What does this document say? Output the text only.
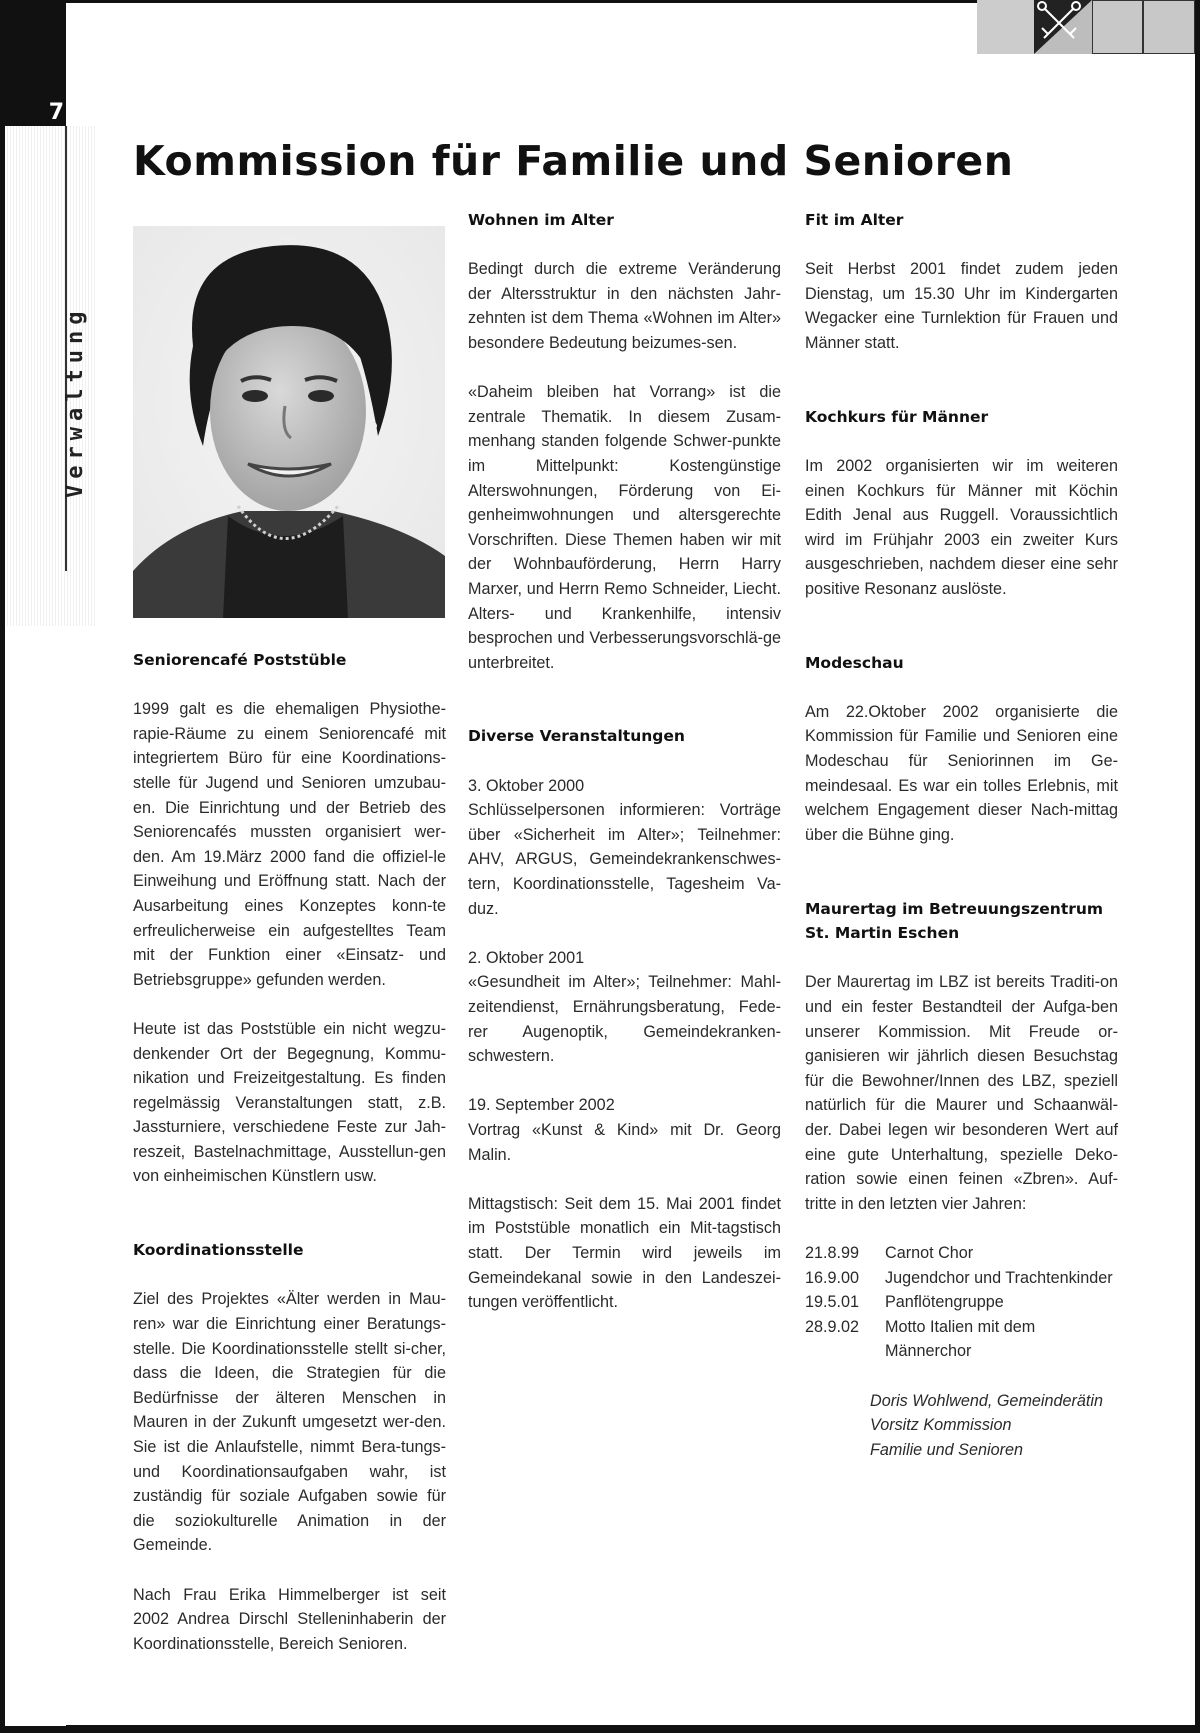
7
Verwaltung
Kommission für Familie und Senioren
Seniorencafé Poststüble

1999 galt es die ehemaligen Physiothe-rapie-Räume zu einem Seniorencafé mit integriertem Büro für eine Koordinations-stelle für Jugend und Senioren umzubau-en. Die Einrichtung und der Betrieb des Seniorencafés mussten organisiert wer-den. Am 19.März 2000 fand die offiziel-le Einweihung und Eröffnung statt. Nach der Ausarbeitung eines Konzeptes konn-te erfreulicherweise ein aufgestelltes Team mit der Funktion einer «Einsatz- und Betriebsgruppe» gefunden werden.

Heute ist das Poststüble ein nicht wegzu-denkender Ort der Begegnung, Kommu-nikation und Freizeitgestaltung. Es finden regelmässig Veranstaltungen statt, z.B. Jassturniere, verschiedene Feste zur Jah-reszeit, Bastelnachmittage, Ausstellun-gen von einheimischen Künstlern usw.

Koordinationsstelle

Ziel des Projektes «Älter werden in Mau-ren» war die Einrichtung einer Beratungs-stelle. Die Koordinationsstelle stellt si-cher, dass die Ideen, die Strategien für die Bedürfnisse der älteren Menschen in Mauren in der Zukunft umgesetzt wer-den. Sie ist die Anlaufstelle, nimmt Bera-tungs- und Koordinationsaufgaben wahr, ist zuständig für soziale Aufgaben sowie für die soziokulturelle Animation in der Gemeinde.

Nach Frau Erika Himmelberger ist seit 2002 Andrea Dirschl Stelleninhaberin der Koordinationsstelle, Bereich Senioren.

Wohnen im Alter

Bedingt durch die extreme Veränderung der Altersstruktur in den nächsten Jahr-zehnten ist dem Thema «Wohnen im Alter» besondere Bedeutung beizumes-sen.

«Daheim bleiben hat Vorrang» ist die zentrale Thematik. In diesem Zusam-menhang standen folgende Schwer-punkte im Mittelpunkt: Kostengünstige Alterswohnungen, Förderung von Ei-genheimwohnungen und altersgerechte Vorschriften. Diese Themen haben wir mit der Wohnbauförderung, Herrn Harry Marxer, und Herrn Remo Schneider, Liecht. Alters- und Krankenhilfe, intensiv besprochen und Verbesserungsvorschlä-ge unterbreitet.

Diverse Veranstaltungen

3. Oktober 2000

Schlüsselpersonen informieren: Vorträge über «Sicherheit im Alter»; Teilnehmer: AHV, ARGUS, Gemeindekrankenschwes-tern, Koordinationsstelle, Tagesheim Va-duz.

2. Oktober 2001

«Gesundheit im Alter»; Teilnehmer: Mahl-zeitendienst, Ernährungsberatung, Fede-rer Augenoptik, Gemeindekranken-schwestern.

19. September 2002

Vortrag «Kunst & Kind» mit Dr. Georg Malin.

Mittagstisch: Seit dem 15. Mai 2001 findet im Poststüble monatlich ein Mit-tagstisch statt. Der Termin wird jeweils im Gemeindekanal sowie in den Landeszei-tungen veröffentlicht.

Fit im Alter

Seit Herbst 2001 findet zudem jeden Dienstag, um 15.30 Uhr im Kindergarten Wegacker eine Turnlektion für Frauen und Männer statt.

Kochkurs für Männer

Im 2002 organisierten wir im weiteren einen Kochkurs für Männer mit Köchin Edith Jenal aus Ruggell. Voraussichtlich wird im Frühjahr 2003 ein zweiter Kurs ausgeschrieben, nachdem dieser eine sehr positive Resonanz auslöste.

Modeschau

Am 22.Oktober 2002 organisierte die Kommission für Familie und Senioren eine Modeschau für Seniorinnen im Ge-meindesaal. Es war ein tolles Erlebnis, mit welchem Engagement dieser Nach-mittag über die Bühne ging.

Maurertag im Betreuungszentrum
St. Martin Eschen

Der Maurertag im LBZ ist bereits Traditi-on und ein fester Bestandteil der Aufga-ben unserer Kommission. Mit Freude or-ganisieren wir jährlich diesen Besuchstag für die Bewohner/Innen des LBZ, speziell natürlich für die Maurer und Schaanwäl-der. Dabei legen wir besonderen Wert auf eine gute Unterhaltung, spezielle Deko-ration sowie einen feinen «Zbren». Auf-tritte in den letzten vier Jahren:

21.8.99	Carnot Chor
16.9.00	Jugendchor und Trachtenkinder
19.5.01	Panflötengruppe
28.9.02	Motto Italien mit dem Männerchor
Doris Wohlwend, Gemeinderätin
Vorsitz Kommission
Familie und Senioren
